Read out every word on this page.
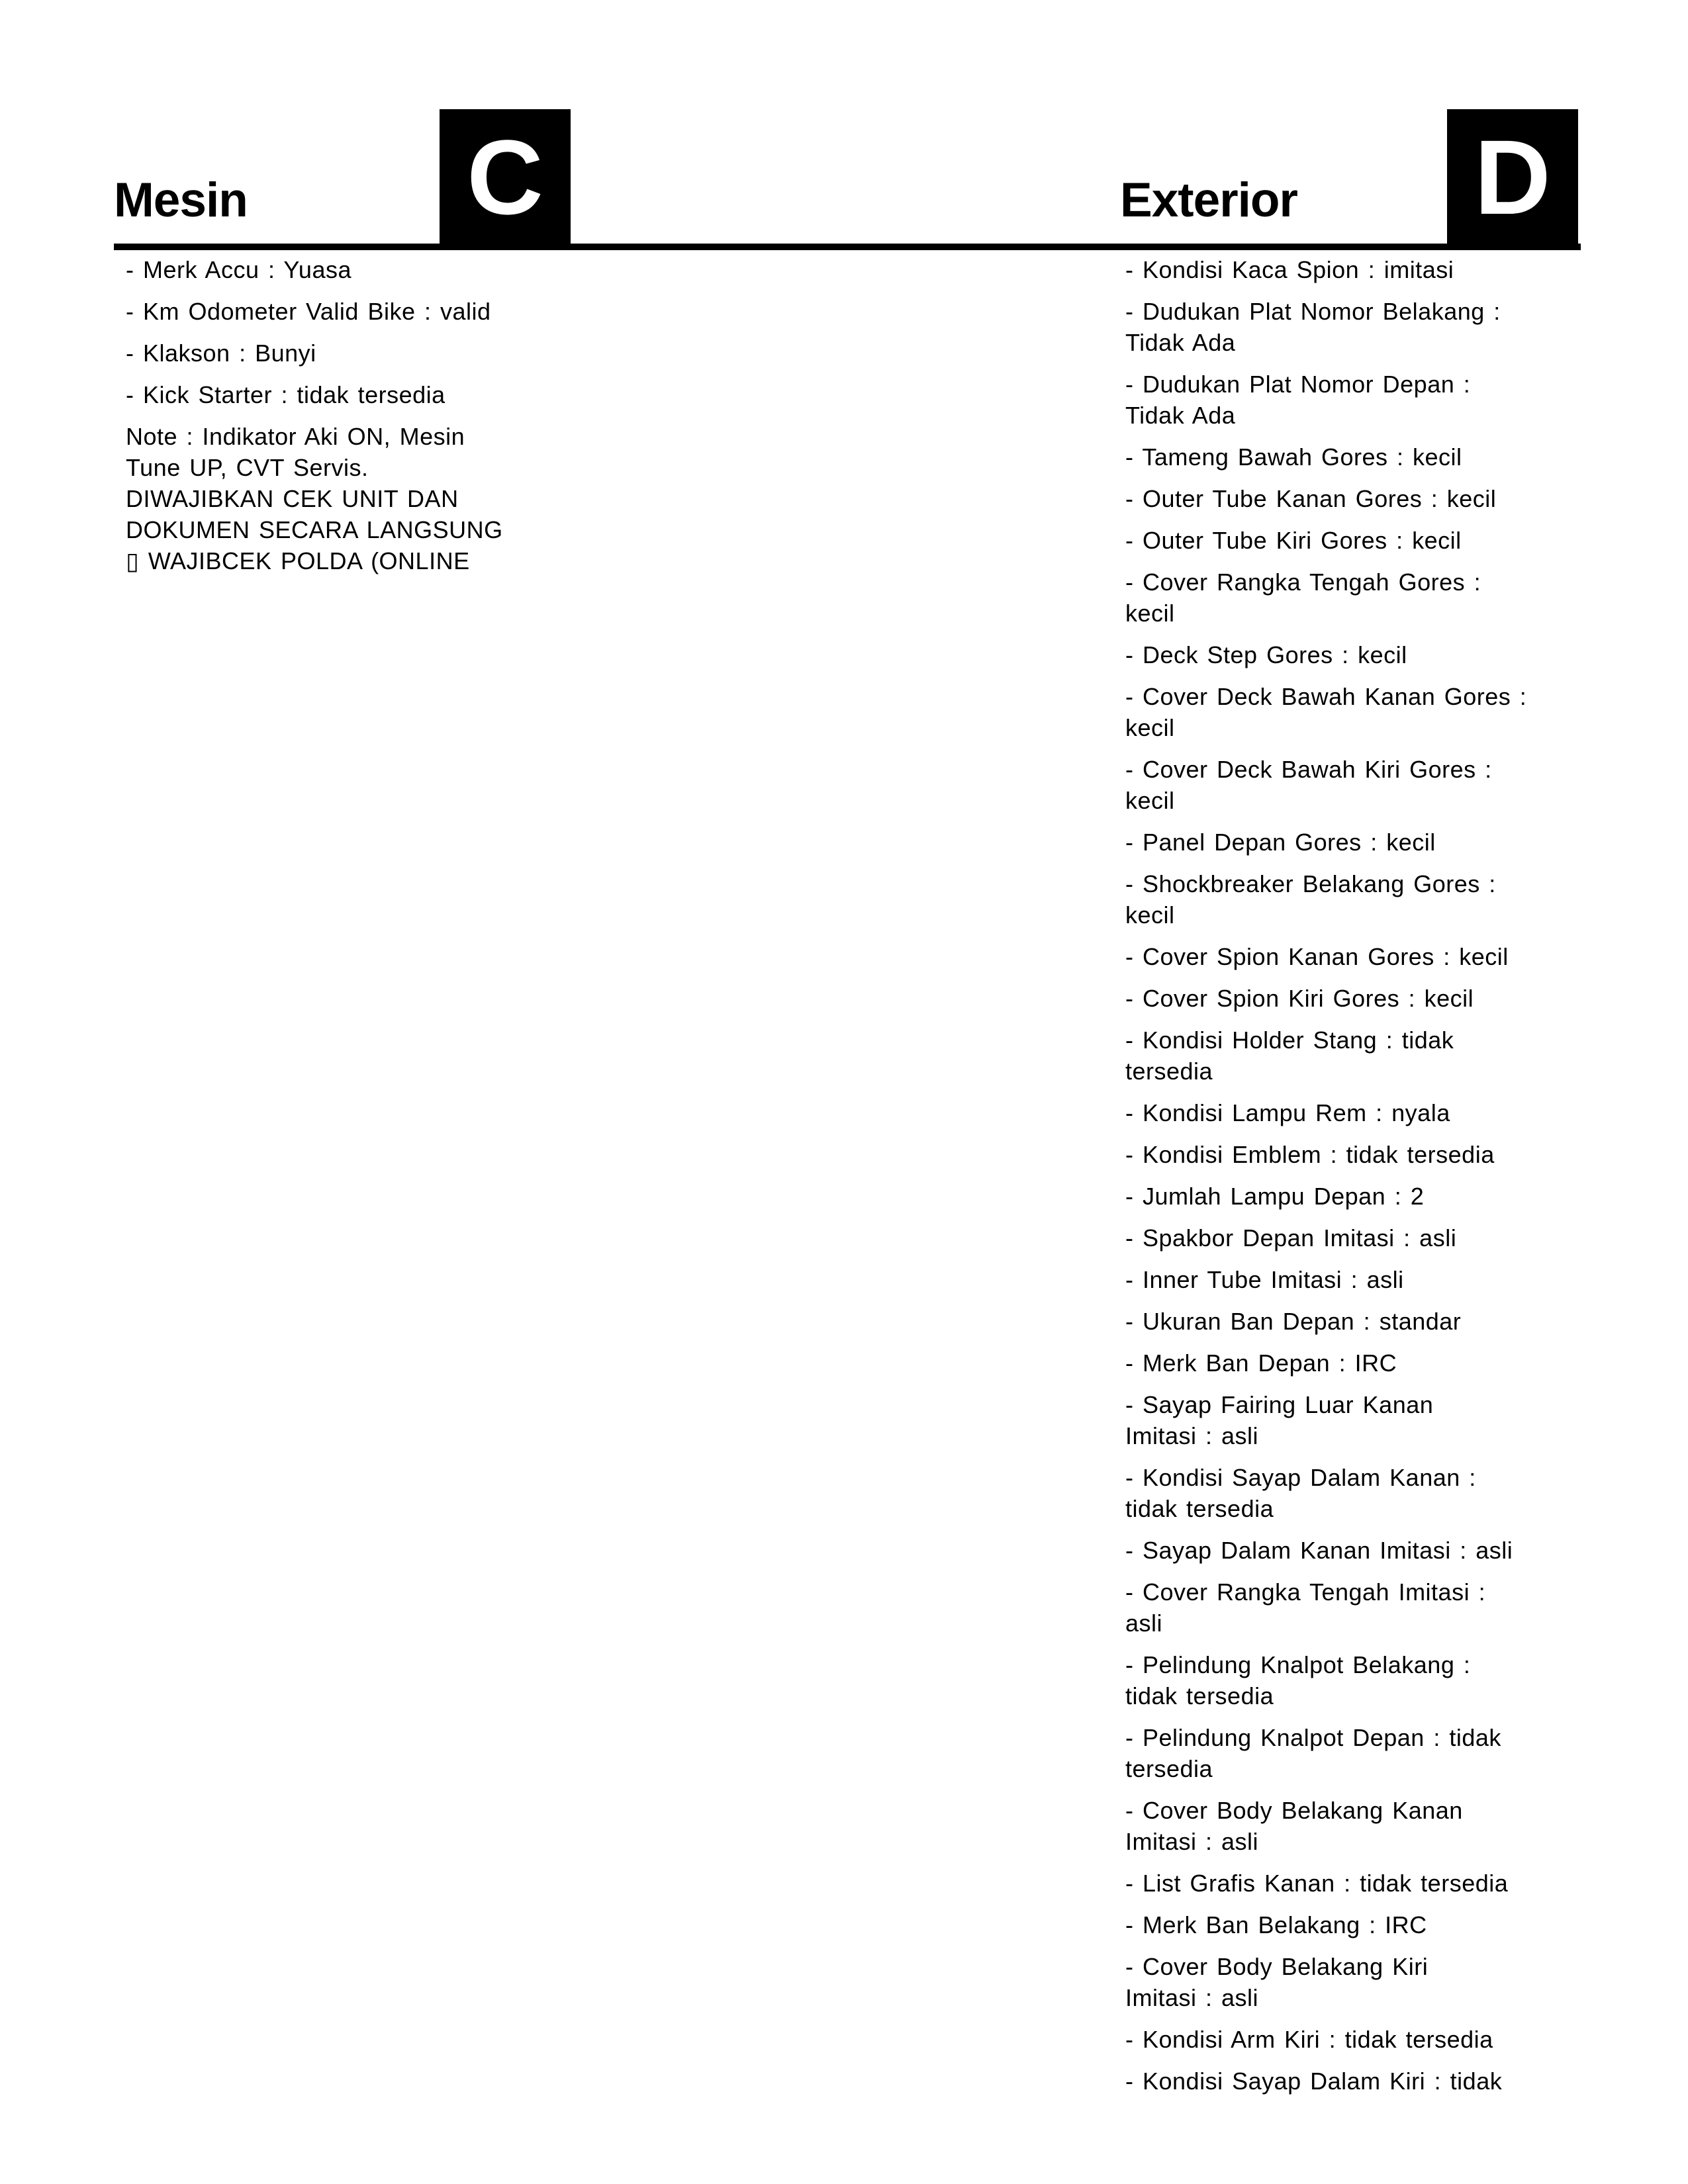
Mesin C	Exterior D
- Merk Accu : Yuasa
- Km Odometer Valid Bike : valid
- Klakson : Bunyi
- Kick Starter : tidak tersedia
Note : Indikator Aki ON, Mesin
Tune UP, CVT Servis.
DIWAJIBKAN CEK UNIT DAN
DOKUMEN SECARA LANGSUNG
▯ WAJIBCEK POLDA (ONLINE
- Kondisi Kaca Spion : imitasi
- Dudukan Plat Nomor Belakang :
Tidak Ada
- Dudukan Plat Nomor Depan :
Tidak Ada
- Tameng Bawah Gores : kecil
- Outer Tube Kanan Gores : kecil
- Outer Tube Kiri Gores : kecil
- Cover Rangka Tengah Gores :
kecil
- Deck Step Gores : kecil
- Cover Deck Bawah Kanan Gores :
kecil
- Cover Deck Bawah Kiri Gores :
kecil
- Panel Depan Gores : kecil
- Shockbreaker Belakang Gores :
kecil
- Cover Spion Kanan Gores : kecil
- Cover Spion Kiri Gores : kecil
- Kondisi Holder Stang : tidak
tersedia
- Kondisi Lampu Rem : nyala
- Kondisi Emblem : tidak tersedia
- Jumlah Lampu Depan : 2
- Spakbor Depan Imitasi : asli
- Inner Tube Imitasi : asli
- Ukuran Ban Depan : standar
- Merk Ban Depan : IRC
- Sayap Fairing Luar Kanan
Imitasi : asli
- Kondisi Sayap Dalam Kanan :
tidak tersedia
- Sayap Dalam Kanan Imitasi : asli
- Cover Rangka Tengah Imitasi :
asli
- Pelindung Knalpot Belakang :
tidak tersedia
- Pelindung Knalpot Depan : tidak
tersedia
- Cover Body Belakang Kanan
Imitasi : asli
- List Grafis Kanan : tidak tersedia
- Merk Ban Belakang : IRC
- Cover Body Belakang Kiri
Imitasi : asli
- Kondisi Arm Kiri : tidak tersedia
- Kondisi Sayap Dalam Kiri : tidak
